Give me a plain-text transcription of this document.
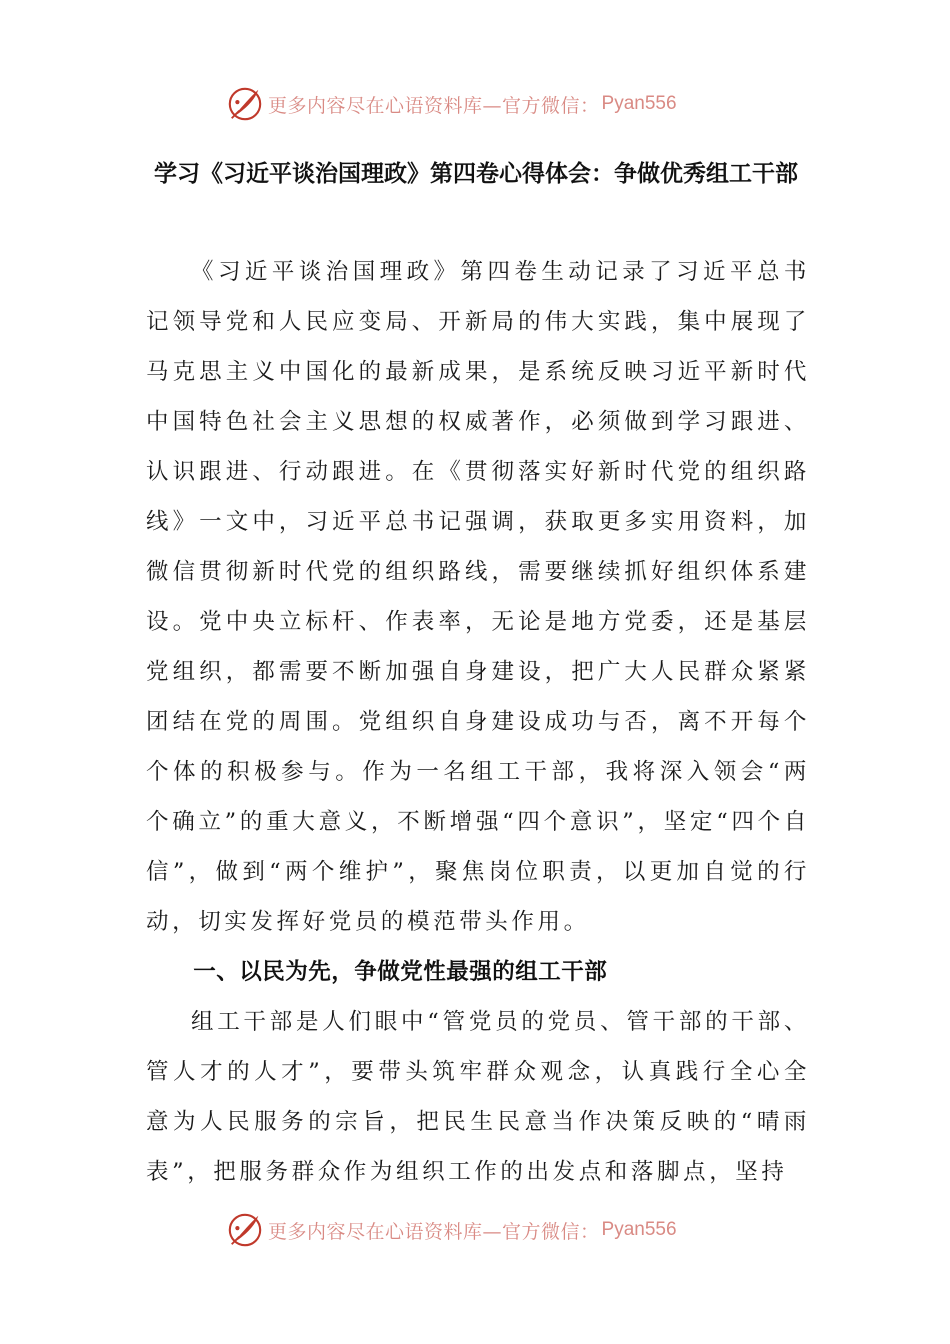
更多内容尽在心语资料库—官方微信： Pyan556
学习《习近平谈治国理政》第四卷心得体会：争做优秀组工干部

《习近平谈治国理政》第四卷生动记录了习近平总书记领导党和人民应变局、开新局的伟大实践，集中展现了马克思主义中国化的最新成果，是系统反映习近平新时代中国特色社会主义思想的权威著作，必须做到学习跟进、认识跟进、行动跟进。在《贯彻落实好新时代党的组织路线》一文中，习近平总书记强调，获取更多实用资料，加微信贯彻新时代党的组织路线，需要继续抓好组织体系建设。党中央立标杆、作表率，无论是地方党委，还是基层党组织，都需要不断加强自身建设，把广大人民群众紧紧团结在党的周围。党组织自身建设成功与否，离不开每个个体的积极参与。作为一名组工干部，我将深入领会“两个确立”的重大意义，不断增强“四个意识”，坚定“四个自信”，做到“两个维护”，聚焦岗位职责，以更加自觉的行动，切实发挥好党员的模范带头作用。

一、以民为先，争做党性最强的组工干部

组工干部是人们眼中“管党员的党员、管干部的干部、管人才的人才”，要带头筑牢群众观念，认真践行全心全意为人民服务的宗旨，把民生民意当作决策反映的“晴雨表”，把服务群众作为组织工作的出发点和落脚点，坚持

更多内容尽在心语资料库—官方微信： Pyan556
